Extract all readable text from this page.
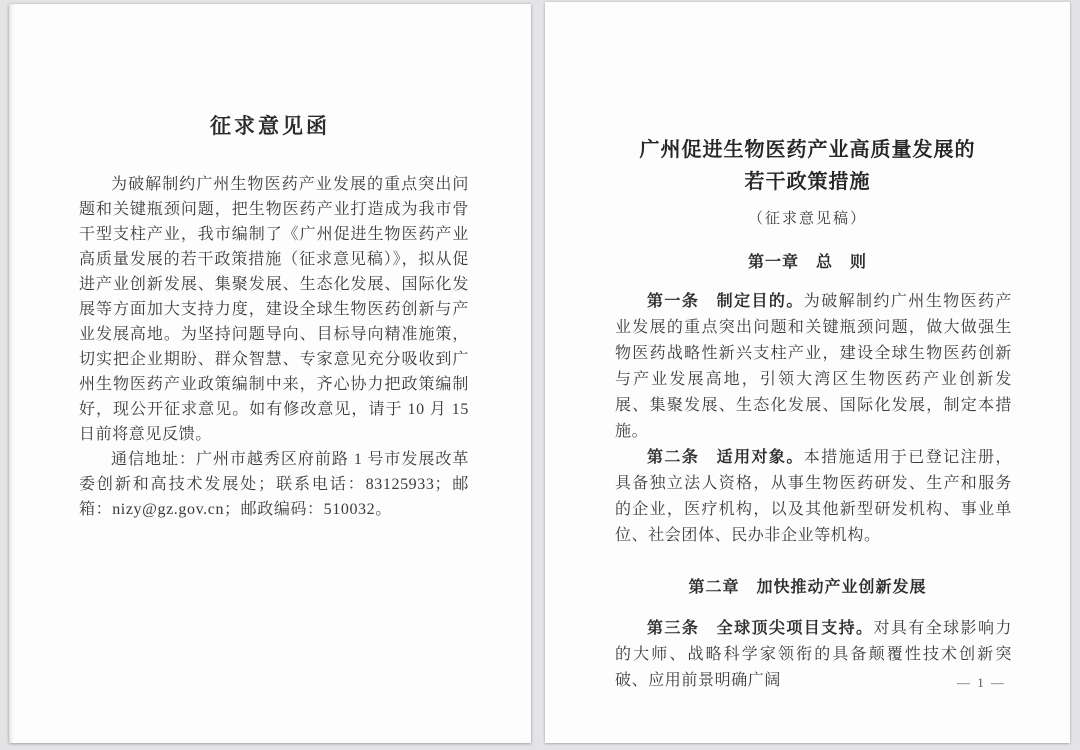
征求意见函

为破解制约广州生物医药产业发展的重点突出问题和关键瓶颈问题，把生物医药产业打造成为我市骨干型支柱产业，我市编制了《广州促进生物医药产业高质量发展的若干政策措施（征求意见稿）》，拟从促进产业创新发展、集聚发展、生态化发展、国际化发展等方面加大支持力度，建设全球生物医药创新与产业发展高地。为坚持问题导向、目标导向精准施策，切实把企业期盼、群众智慧、专家意见充分吸收到广州生物医药产业政策编制中来，齐心协力把政策编制好，现公开征求意见。如有修改意见，请于 10 月 15 日前将意见反馈。

通信地址：广州市越秀区府前路 1 号市发展改革委创新和高技术发展处；联系电话：83125933；邮箱：nizy@gz.gov.cn；邮政编码：510032。

广州促进生物医药产业高质量发展的
若干政策措施
（征求意见稿）
第一章　总　则

第一条　制定目的。为破解制约广州生物医药产业发展的重点突出问题和关键瓶颈问题，做大做强生物医药战略性新兴支柱产业，建设全球生物医药创新与产业发展高地，引领大湾区生物医药产业创新发展、集聚发展、生态化发展、国际化发展，制定本措施。

第二条　适用对象。本措施适用于已登记注册，具备独立法人资格，从事生物医药研发、生产和服务的企业，医疗机构，以及其他新型研发机构、事业单位、社会团体、民办非企业等机构。

第二章　加快推动产业创新发展

第三条　全球顶尖项目支持。对具有全球影响力的大师、战略科学家领衔的具备颠覆性技术创新突破、应用前景明确广阔	— 1 —
